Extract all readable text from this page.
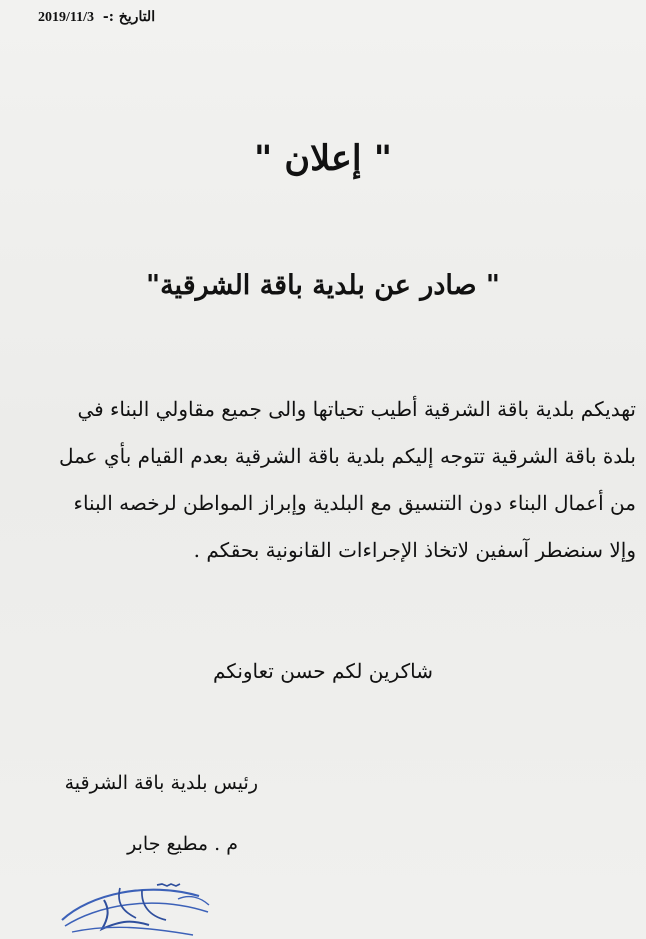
التاريخ :- 2019/11/3
" إعلان "
" صادر عن بلدية باقة الشرقية"
تهديكم بلدية باقة الشرقية أطيب تحياتها والى جميع مقاولي البناء في
بلدة باقة الشرقية تتوجه إليكم بلدية باقة الشرقية بعدم القيام بأي عمل
من أعمال البناء دون التنسيق مع البلدية وإبراز المواطن لرخصه البناء
وإلا سنضطر آسفين لاتخاذ الإجراءات القانونية بحقكم .
شاكرين لكم حسن تعاونكم
رئيس بلدية باقة الشرقية
م . مطيع جابر
